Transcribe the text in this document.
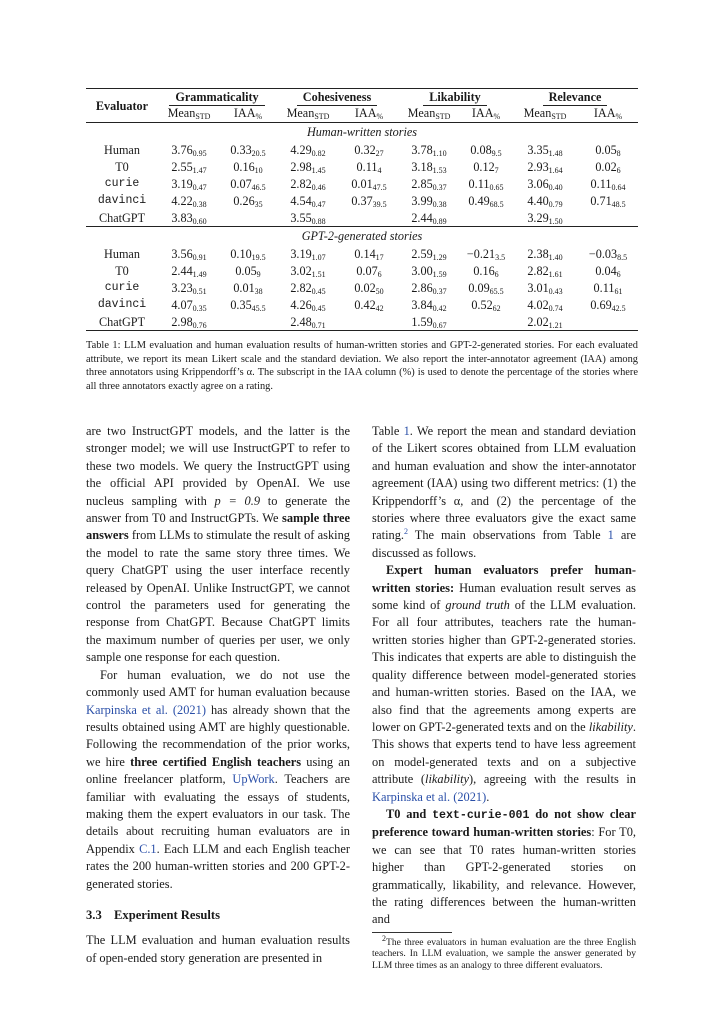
Evaluator	Grammaticality		Cohesiveness		Likability		Relevance	
	Mean$_{STD}$	$IAA_{\%}$	Mean$_{STD}$	$IAA_{\%}$	Mean$_{STD}$	$IAA_{\%}$	Mean$_{STD}$	$IAA_{\%}$
Human-written stories								
Human	$3.76_{0.95}$	$0.33_{20.5}$	$4.29_{0.82}$	$0.32_{27}$	$3.78_{1.10}$	$0.08_{9.5}$	$3.35_{1.48}$	$0.05_8$
T0	$2.55_{1.47}$	$0.16_{10}$	$2.98_{1.45}$	$0.11_4$	$3.18_{1.53}$	$0.12_7$	$2.93_{1.64}$	$0.02_6$
curie	$3.19_{0.47}$	$0.07_{46.5}$	$2.82_{0.46}$	$0.01_{47.5}$	$2.85_{0.37}$	$0.11_{0.65}$	$3.06_{0.40}$	$0.11_{0.64}$
davinci	$4.22_{0.38}$	$0.26_{35}$	$4.54_{0.47}$	$0.37_{39.5}$	$3.99_{0.38}$	$0.49_{68.5}$	$4.40_{0.79}$	$0.71_{48.5}$
ChatGPT	$3.83_{0.60}$		$3.55_{0.88}$		$2.44_{0.89}$		$3.29_{1.50}$	
GPT-2-generated stories								
Human	$3.56_{0.91}$	$0.10_{19.5}$	$3.19_{1.07}$	$0.14_{17}$	$2.59_{1.29}$	$-0.21_{3.5}$	$2.38_{1.40}$	$-0.03_{8.5}$
T0	$2.44_{1.49}$	$0.05_9$	$3.02_{1.51}$	$0.07_6$	$3.00_{1.59}$	$0.16_6$	$2.82_{1.61}$	$0.04_6$
curie	$3.23_{0.51}$	$0.01_{38}$	$2.82_{0.45}$	$0.02_{50}$	$2.86_{0.37}$	$0.09_{65.5}$	$3.01_{0.43}$	$0.11_{61}$
davinci	$4.07_{0.35}$	$0.35_{45.5}$	$4.26_{0.45}$	$0.42_{42}$	$3.84_{0.42}$	$0.52_{62}$	$4.02_{0.74}$	$0.69_{42.5}$
ChatGPT	$2.98_{0.76}$		$2.48_{0.71}$		$1.59_{0.67}$		$2.02_{1.21}$	
Table 1: LLM evaluation and human evaluation results of human-written stories and GPT-2-generated stories. For each evaluated attribute, we report its mean Likert scale and the standard deviation. We also report the inter-annotator agreement (IAA) among three annotators using Krippendorff’s α. The subscript in the IAA column (%) is used to denote the percentage of the stories where all three annotators exactly agree on a rating.

are two InstructGPT models, and the latter is the stronger model; we will use InstructGPT to refer to these two models. We query the InstructGPT using the official API provided by OpenAI. We use nucleus sampling with p = 0.9 to generate the answer from T0 and InstructGPTs. We sample three answers from LLMs to stimulate the result of asking the model to rate the same story three times. We query ChatGPT using the user interface recently released by OpenAI. Unlike InstructGPT, we cannot control the parameters used for generating the response from ChatGPT. Because ChatGPT limits the maximum number of queries per user, we only sample one response for each question.

For human evaluation, we do not use the commonly used AMT for human evaluation because Karpinska et al. (2021) has already shown that the results obtained using AMT are highly questionable. Following the recommendation of the prior works, we hire three certified English teachers using an online freelancer platform, UpWork. Teachers are familiar with evaluating the essays of students, making them the expert evaluators in our task. The details about recruiting human evaluators are in Appendix C.1. Each LLM and each English teacher rates the 200 human-written stories and 200 GPT-2-generated stories.

3.3 Experiment Results

The LLM evaluation and human evaluation results of open-ended story generation are presented in

Table 1. We report the mean and standard deviation of the Likert scores obtained from LLM evaluation and human evaluation and show the inter-annotator agreement (IAA) using two different metrics: (1) the Krippendorff’s α, and (2) the percentage of the stories where three evaluators give the exact same rating.$^2$ The main observations from Table 1 are discussed as follows.

Expert human evaluators prefer human-written stories: Human evaluation result serves as some kind of ground truth of the LLM evaluation. For all four attributes, teachers rate the human-written stories higher than GPT-2-generated stories. This indicates that experts are able to distinguish the quality difference between model-generated stories and human-written stories. Based on the IAA, we also find that the agreements among experts are lower on GPT-2-generated texts and on the likability. This shows that experts tend to have less agreement on model-generated texts and on a subjective attribute (likability), agreeing with the results in Karpinska et al. (2021).

T0 and text-curie-001 do not show clear preference toward human-written stories: For T0, we can see that T0 rates human-written stories higher than GPT-2-generated stories on grammatically, likability, and relevance. However, the rating differences between the human-written and

$^2$The three evaluators in human evaluation are the three English teachers. In LLM evaluation, we sample the answer generated by LLM three times as an analogy to three different evaluators.
